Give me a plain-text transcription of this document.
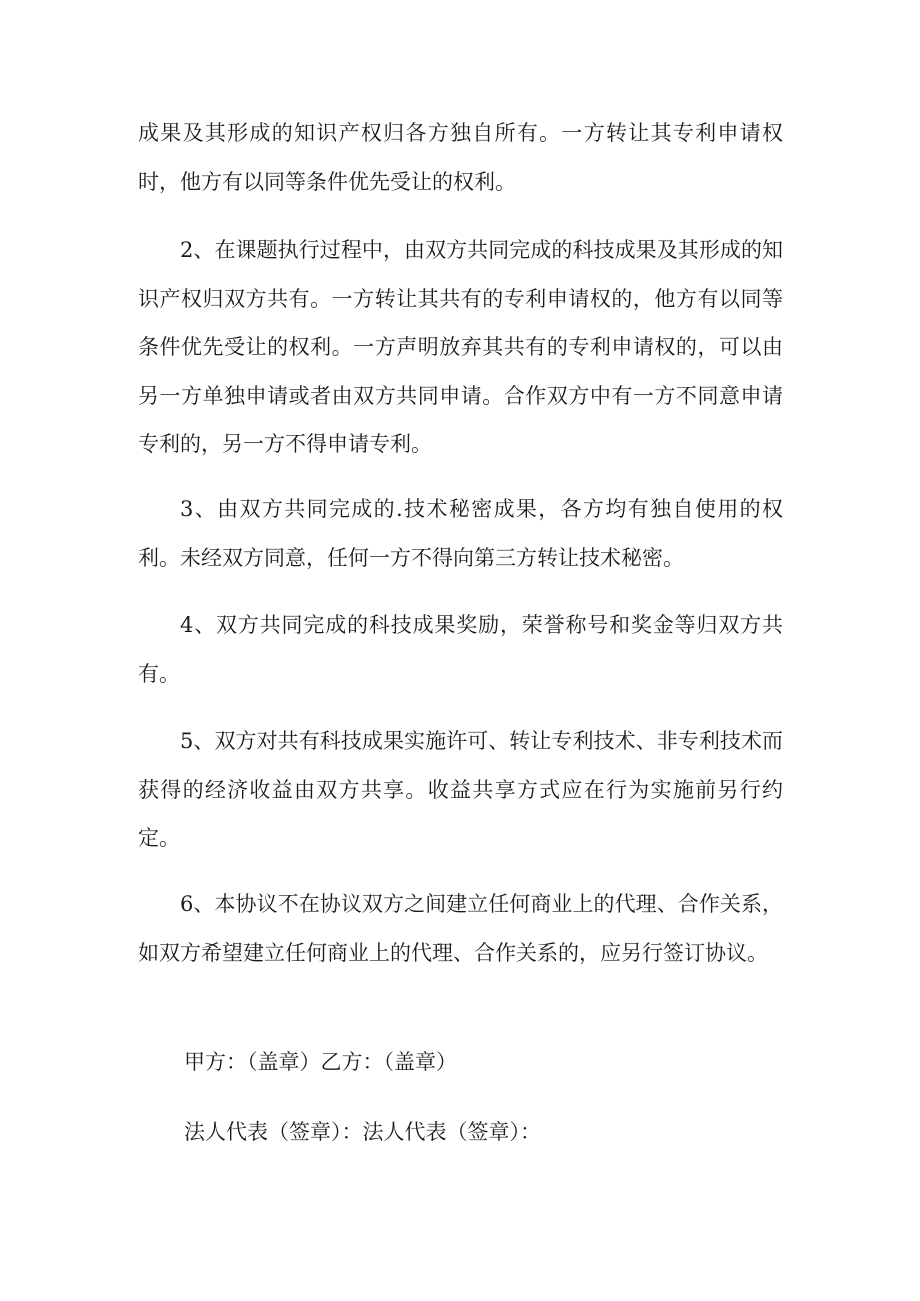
成果及其形成的知识产权归各方独自所有。一方转让其专利申请权时，他方有以同等条件优先受让的权利。

2、在课题执行过程中，由双方共同完成的科技成果及其形成的知识产权归双方共有。一方转让其共有的专利申请权的，他方有以同等条件优先受让的权利。一方声明放弃其共有的专利申请权的，可以由另一方单独申请或者由双方共同申请。合作双方中有一方不同意申请专利的，另一方不得申请专利。

3、由双方共同完成的.技术秘密成果，各方均有独自使用的权利。未经双方同意，任何一方不得向第三方转让技术秘密。

4、双方共同完成的科技成果奖励，荣誉称号和奖金等归双方共有。

5、双方对共有科技成果实施许可、转让专利技术、非专利技术而获得的经济收益由双方共享。收益共享方式应在行为实施前另行约定。

6、本协议不在协议双方之间建立任何商业上的代理、合作关系，如双方希望建立任何商业上的代理、合作关系的，应另行签订协议。

甲方：（盖章）乙方：（盖章）

法人代表（签章）：法人代表（签章）：
